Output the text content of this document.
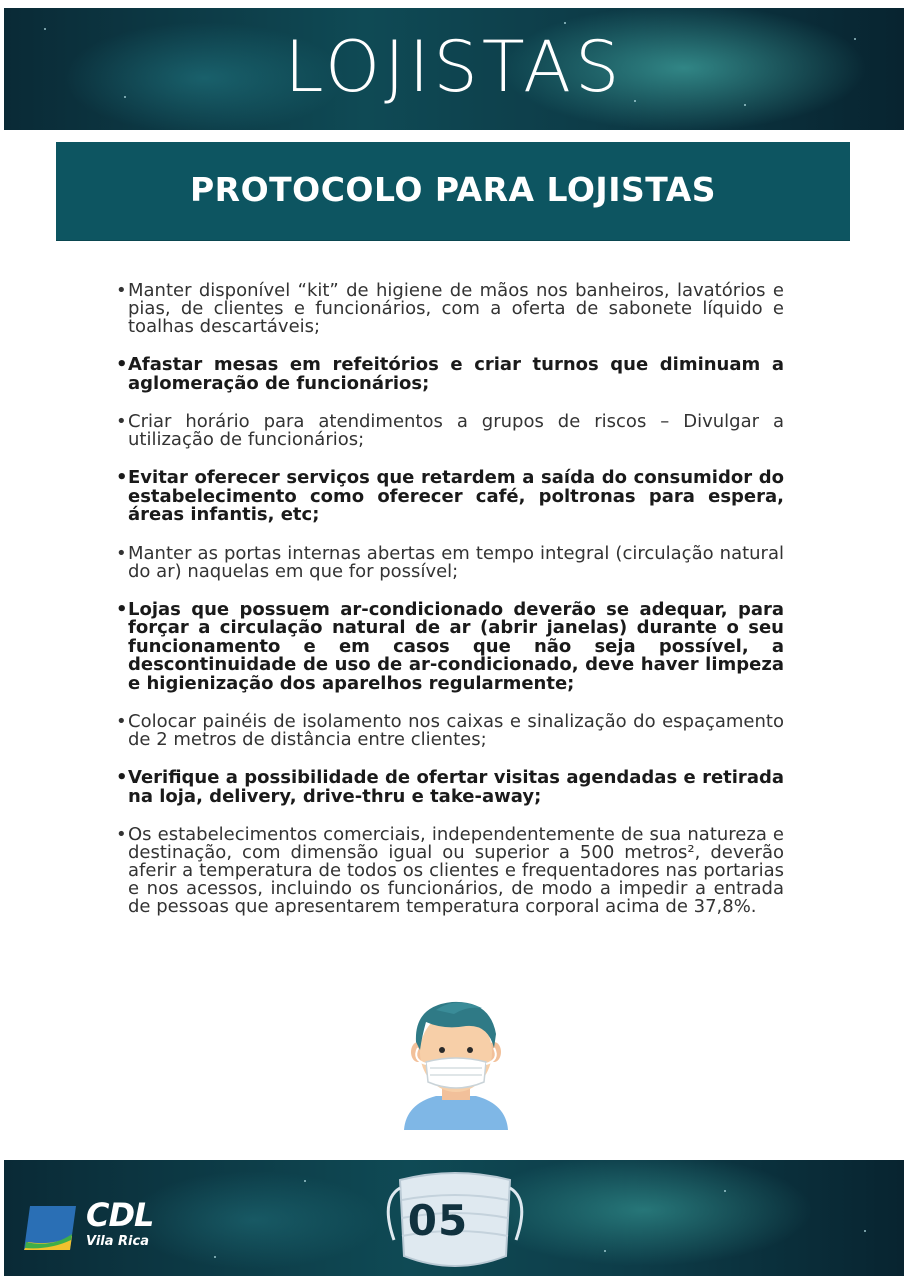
LOJISTAS
PROTOCOLO PARA LOJISTAS
• Manter disponível “kit” de higiene de mãos nos banheiros, lavatórios e pias, de clientes e funcionários, com a oferta de sabonete líquido e toalhas descartáveis;
• Afastar mesas em refeitórios e criar turnos que diminuam a aglomeração de funcionários;
• Criar horário para atendimentos a grupos de riscos – Divulgar a utilização de funcionários;
• Evitar oferecer serviços que retardem a saída do consumidor do estabelecimento como oferecer café, poltronas para espera, áreas infantis, etc;
• Manter as portas internas abertas em tempo integral (circulação natural do ar) naquelas em que for possível;
• Lojas que possuem ar-condicionado deverão se adequar, para forçar a circulação natural de ar (abrir janelas) durante o seu funcionamento e em casos que não seja possível, a descontinuidade de uso de ar-condicionado, deve haver limpeza e higienização dos aparelhos regularmente;
• Colocar painéis de isolamento nos caixas e sinalização do espaçamento de 2 metros de distância entre clientes;
• Verifique a possibilidade de ofertar visitas agendadas e retirada na loja, delivery, drive-thru e take-away;
• Os estabelecimentos comerciais, independentemente de sua natureza e destinação, com dimensão igual ou superior a 500 metros², deverão aferir a temperatura de todos os clientes e frequentadores nas portarias e nos acessos, incluindo os funcionários, de modo a impedir a entrada de pessoas que apresentarem temperatura corporal acima de 37,8%.
CDL
Vila Rica	05
